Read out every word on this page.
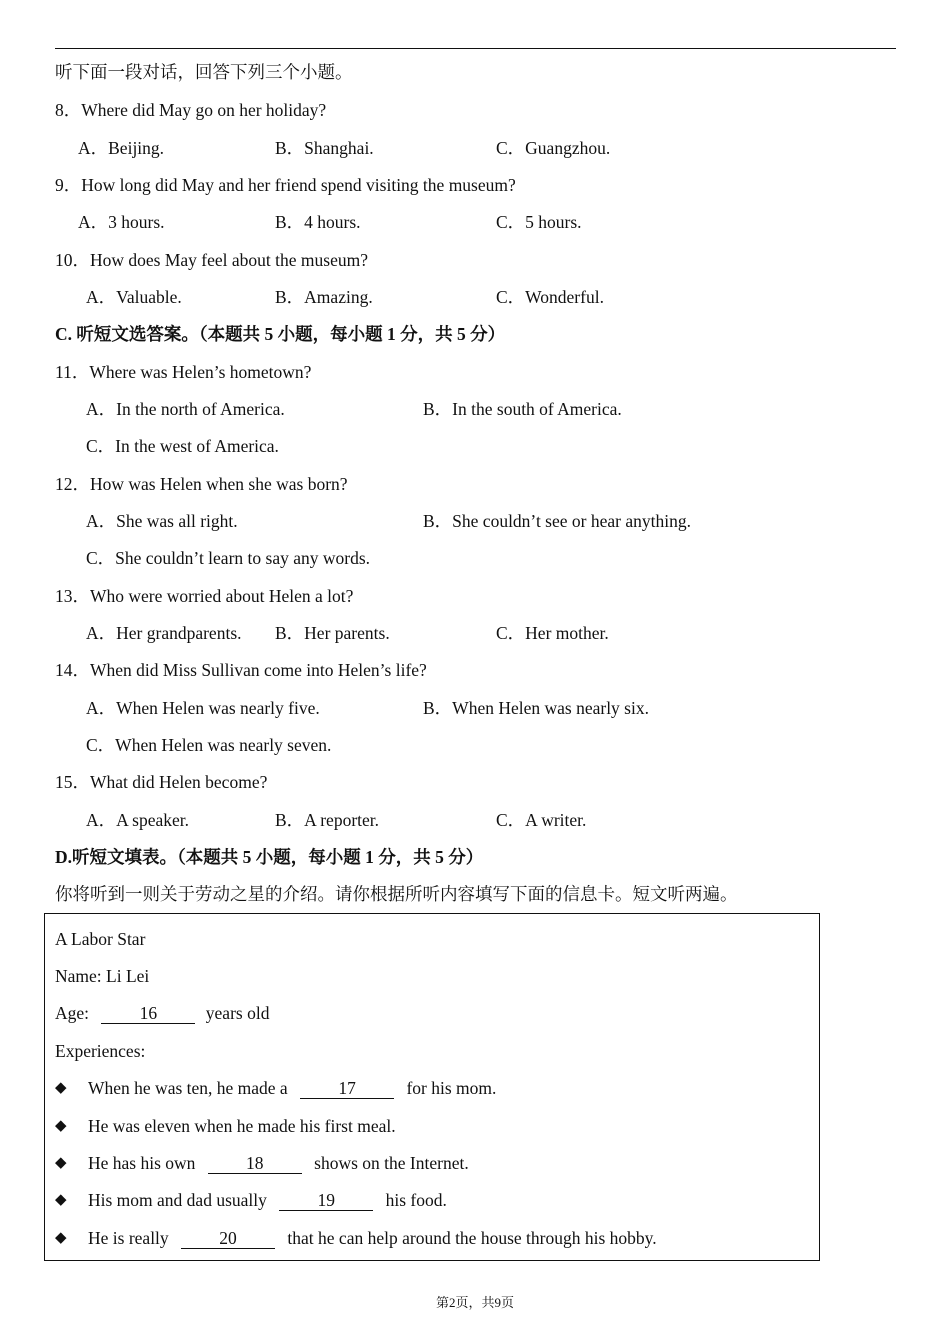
听下面一段对话，回答下列三个小题。
8．Where did May go on her holiday?
A．Beijing.	B．Shanghai.	C．Guangzhou.
9．How long did May and her friend spend visiting the museum?
A．3 hours.	B．4 hours.	C．5 hours.
10．How does May feel about the museum?
A．Valuable.	B．Amazing.	C．Wonderful.
C. 听短文选答案。（本题共 5 小题，每小题 1 分，共 5 分）
11．Where was Helen’s hometown?
A．In the north of America.	B．In the south of America.
C．In the west of America.
12．How was Helen when she was born?
A．She was all right.	B．She couldn’t see or hear anything.
C．She couldn’t learn to say any words.
13．Who were worried about Helen a lot?
A．Her grandparents. B．Her parents.	C．Her mother.
14．When did Miss Sullivan come into Helen’s life?
A．When Helen was nearly five.	B．When Helen was nearly six.
C．When Helen was nearly seven.
15．What did Helen become?
A．A speaker.	B．A reporter.	C．A writer.
D.听短文填表。（本题共 5 小题，每小题 1 分，共 5 分）
你将听到一则关于劳动之星的介绍。请你根据所听内容填写下面的信息卡。短文听两遍。
A Labor Star
Name: Li Lei
Age:	16	years old
Experiences:
◆ When he was ten, he made a	17	for his mom.
◆ He was eleven when he made his first meal.
◆ He has his own	18	shows on the Internet.
◆ His mom and dad usually	19	his food.
◆ He is really	20	that he can help around the house through his hobby.
第2页，共9页
